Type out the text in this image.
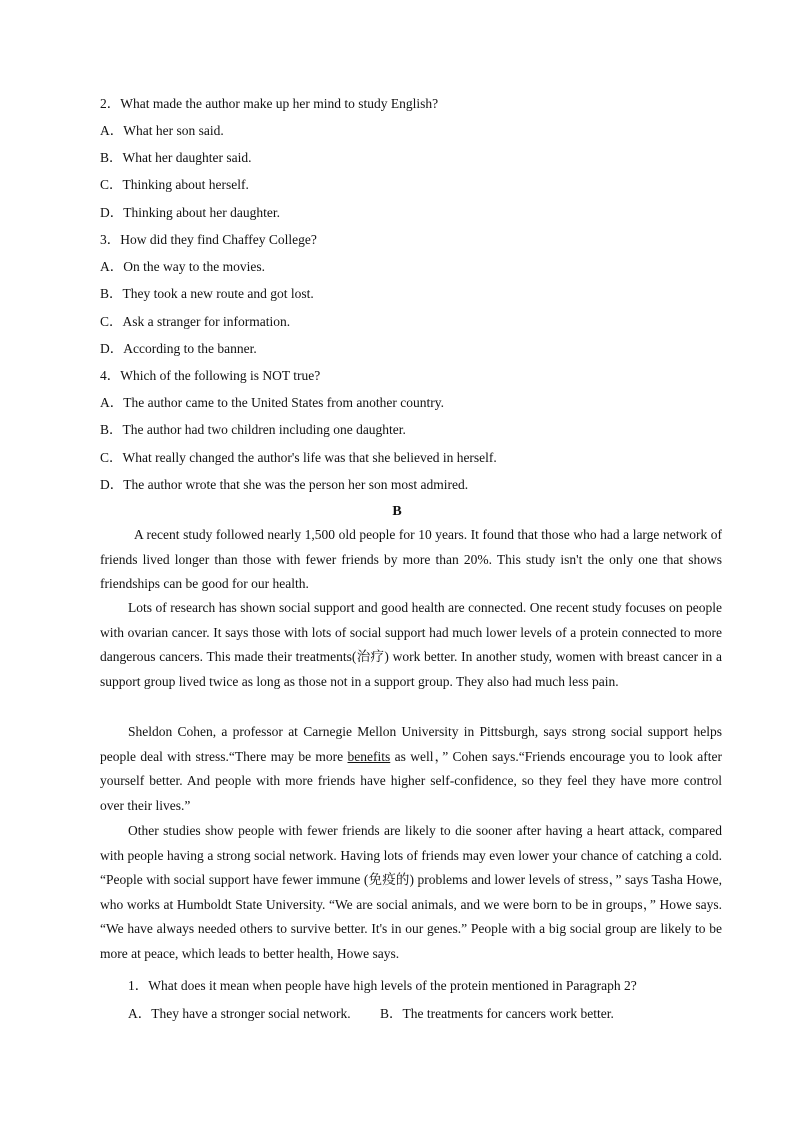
2．What made the author make up her mind to study English?
A．What her son said.
B．What her daughter said.
C．Thinking about herself.
D．Thinking about her daughter.
3．How did they find Chaffey College?
A．On the way to the movies.
B．They took a new route and got lost.
C．Ask a stranger for information.
D．According to the banner.
4．Which of the following is NOT true?
A．The author came to the United States from another country.
B．The author had two children including one daughter.
C．What really changed the author's life was that she believed in herself.
D．The author wrote that she was the person her son most admired.
B

A recent study followed nearly 1,500 old people for 10 years. It found that those who had a large network of friends lived longer than those with fewer friends by more than 20%. This study isn't the only one that shows friendships can be good for our health.

Lots of research has shown social support and good health are connected. One recent study focuses on people with ovarian cancer. It says those with lots of social support had much lower levels of a protein connected to more dangerous cancers. This made their treatments(治疗) work better. In another study, women with breast cancer in a support group lived twice as long as those not in a support group. They also had much less pain.

Sheldon Cohen, a professor at Carnegie Mellon University in Pittsburgh, says strong social support helps people deal with stress.“There may be more benefits as well，” Cohen says.“Friends encourage you to look after yourself better. And people with more friends have higher self-confidence, so they feel they have more control over their lives.”

Other studies show people with fewer friends are likely to die sooner after having a heart attack, compared with people having a strong social network. Having lots of friends may even lower your chance of catching a cold. “People with social support have fewer immune (免疫的) problems and lower levels of stress，” says Tasha Howe, who works at Humboldt State University. “We are social animals, and we were born to be in groups，” Howe says. “We have always needed others to survive better. It's in our genes.” People with a big social group are likely to be more at peace, which leads to better health, Howe says.

1．What does it mean when people have high levels of the protein mentioned in Paragraph 2?
A．They have a stronger social network. B．The treatments for cancers work better.
